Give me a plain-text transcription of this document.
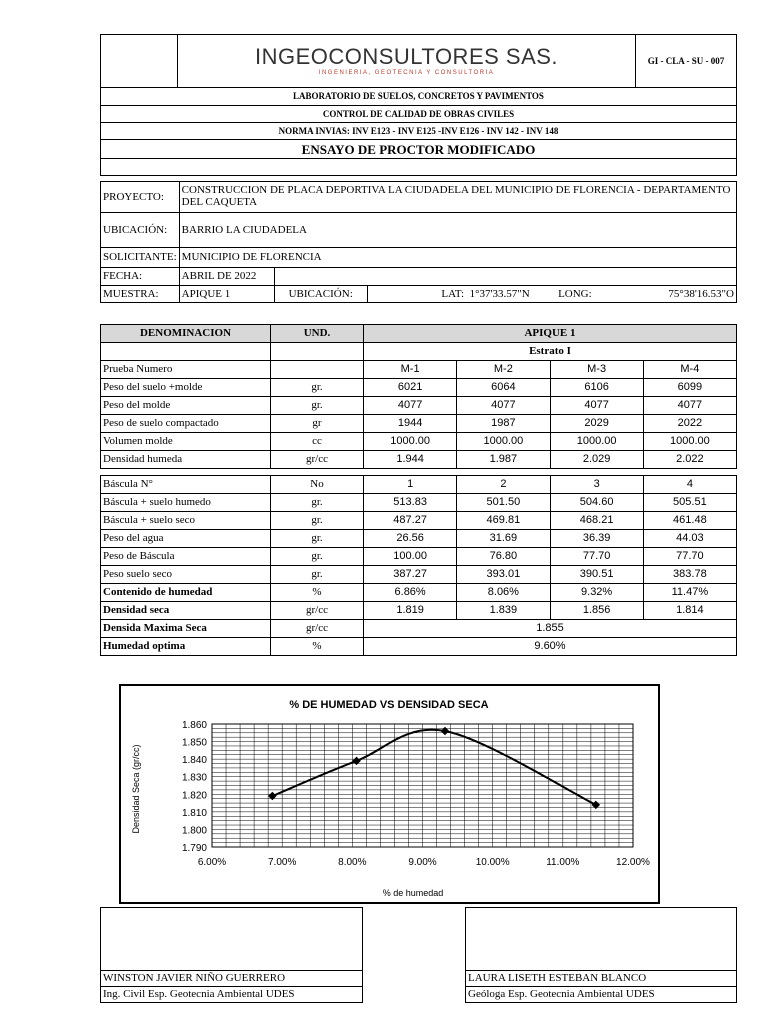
INGEOCONSULTORES SAS.
INGENIERIA, GEOTECNIA Y CONSULTORIA
	GI - CLA - SU - 007
LABORATORIO DE SUELOS, CONCRETOS Y PAVIMENTOS
CONTROL DE CALIDAD DE OBRAS CIVILES
NORMA INVIAS: INV E123 - INV E125 -INV E126 - INV 142 - INV 148
ENSAYO DE PROCTOR MODIFICADO

PROYECTO:	CONSTRUCCION DE PLACA DEPORTIVA LA CIUDADELA DEL MUNICIPIO DE FLORENCIA - DEPARTAMENTO DEL CAQUETA				
UBICACIÓN:	BARRIO LA CIUDADELA				
SOLICITANTE:	MUNICIPIO DE FLORENCIA				
FECHA:	ABRIL DE 2022				
MUESTRA:	APIQUE 1	UBICACIÓN:	LAT: 1°37'33.57"N	LONG:	75°38'16.53"O
DENOMINACION	UND.	APIQUE 1			
		Estrato I			
Prueba Numero		M-1	M-2	M-3	M-4
Peso del suelo +molde	gr.	6021	6064	6106	6099
Peso del molde	gr.	4077	4077	4077	4077
Peso de suelo compactado	gr	1944	1987	2029	2022
Volumen molde	cc	1000.00	1000.00	1000.00	1000.00
Densidad humeda	gr/cc	1.944	1.987	2.029	2.022

Báscula N°	No	1	2	3	4
Báscula + suelo humedo	gr.	513.83	501.50	504.60	505.51
Báscula + suelo seco	gr.	487.27	469.81	468.21	461.48
Peso del agua	gr.	26.56	31.69	36.39	44.03
Peso de Báscula	gr.	100.00	76.80	77.70	77.70
Peso suelo seco	gr.	387.27	393.01	390.51	383.78
Contenido de humedad	%	6.86%	8.06%	9.32%	11.47%
Densidad seca	gr/cc	1.819	1.839	1.856	1.814
Densida Maxima Seca	gr/cc	1.855			
Humedad optima	%	9.60%			
% DE HUMEDAD VS DENSIDAD SECA
% de humedad
Densidad Seca (gr/cc)
6.00%	7.00%	8.00%	9.00%	10.00%	11.00%	12.00%
1.790
1.800
1.810
1.820
1.830
1.840
1.850
1.860
WINSTON JAVIER NIÑO GUERRERO
Ing. Civil Esp. Geotecnia Ambiental UDES
LAURA LISETH ESTEBAN BLANCO
Geóloga Esp. Geotecnia Ambiental UDES
